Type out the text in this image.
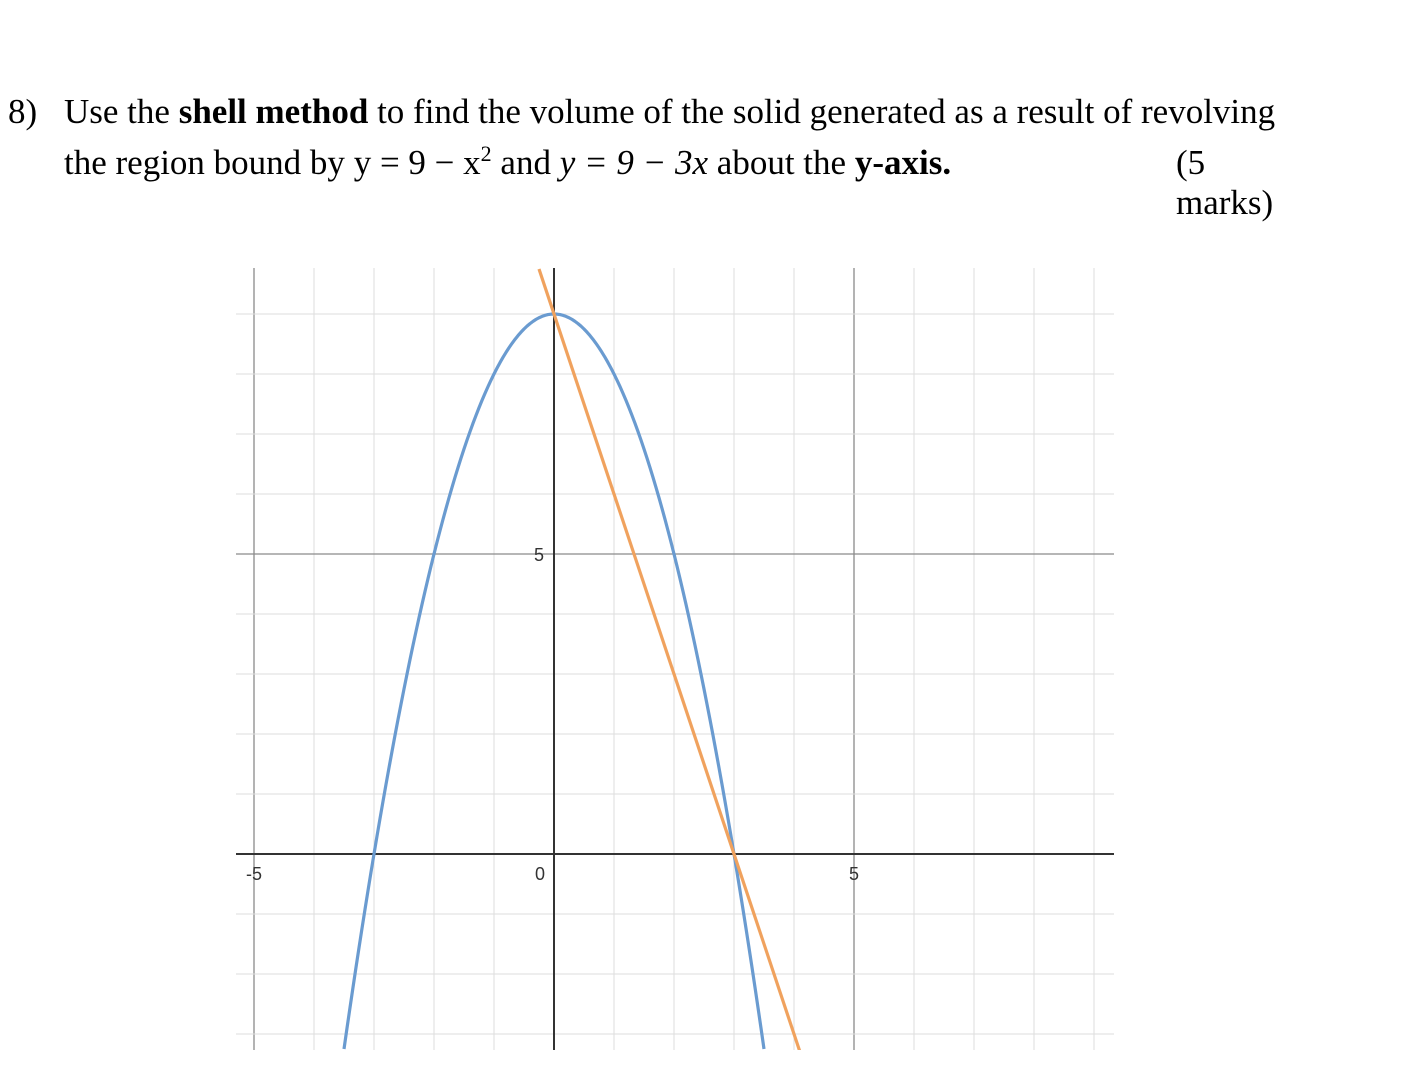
8) Use the shell method to find the volume of the solid generated as a result of revolving
the region bound by $y = 9 - x^2$ and y = 9 − 3x about the y-axis.	(5 marks)
-5	0	5
5
